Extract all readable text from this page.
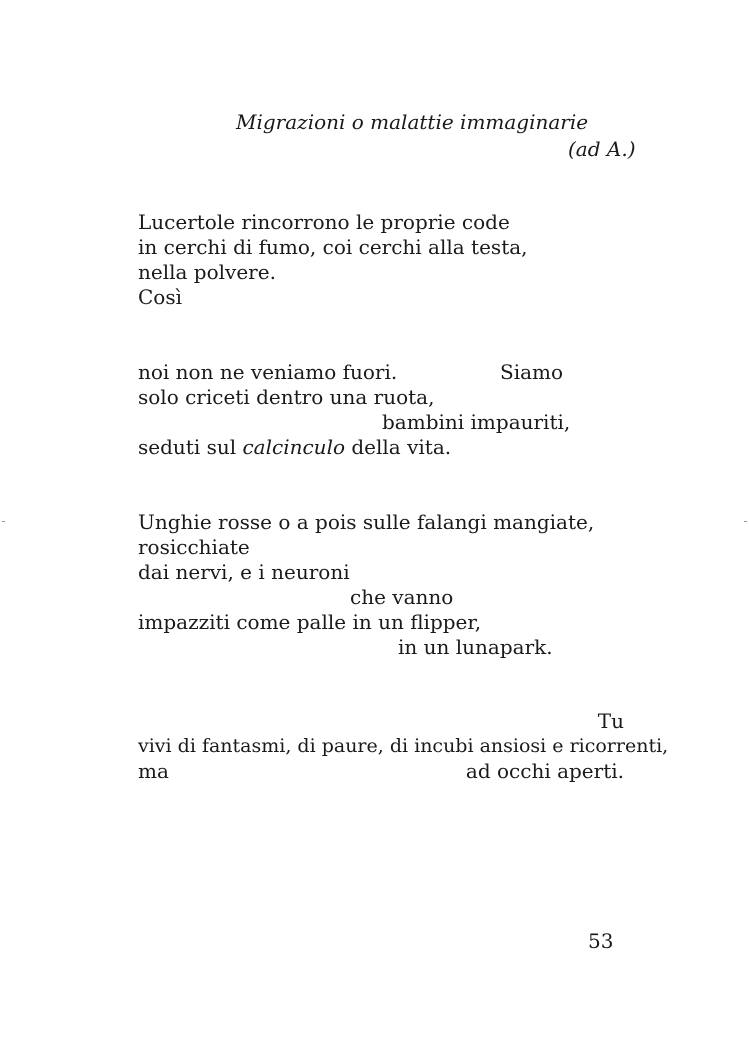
Migrazioni o malattie immaginarie
(ad A.)
Lucertole rincorrono le proprie code
in cerchi di fumo, coi cerchi alla testa,
nella polvere.
Così
noi non ne veniamo fuori.	Siamo
solo criceti dentro una ruota,
bambini impauriti,
seduti sul calcinculo della vita.
Unghie rosse o a pois sulle falangi mangiate,
rosicchiate
dai nervi, e i neuroni
che vanno
impazziti come palle in un flipper,
in un lunapark.
Tu
vivi di fantasmi, di paure, di incubi ansiosi e ricorrenti,
ma	ad occhi aperti.
53
